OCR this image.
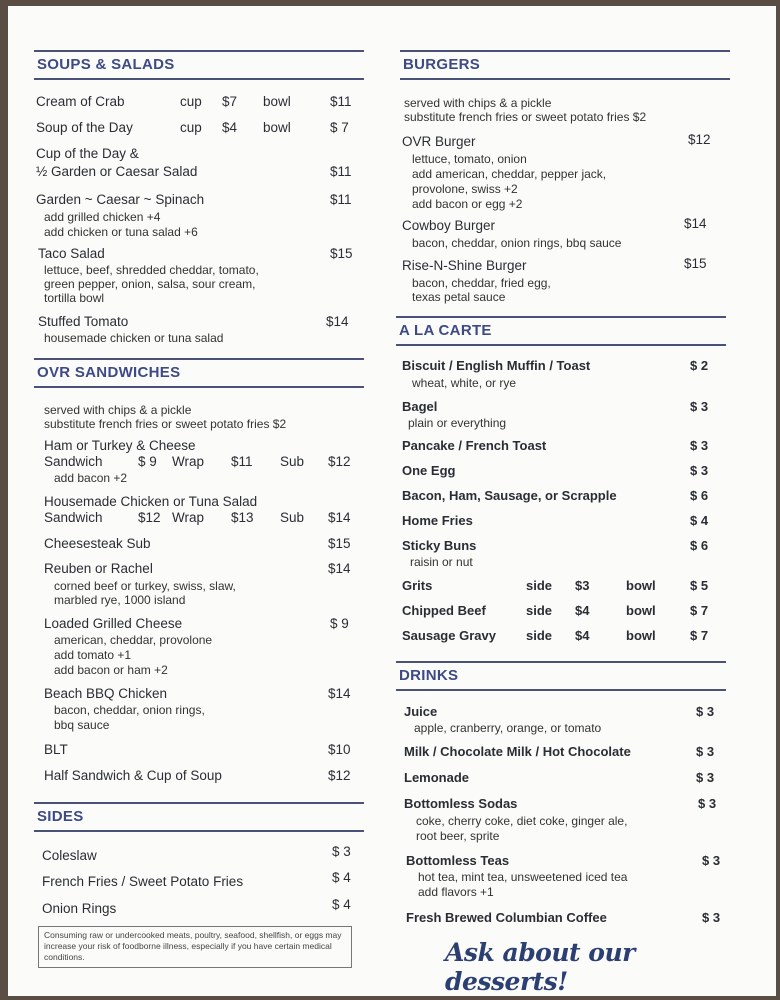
SOUPS & SALADS
Cream of Crab	cup $7 bowl	$11
Soup of the Day	cup $4 bowl	$ 7
Cup of the Day &
½ Garden or Caesar Salad	$11
Garden ~ Caesar ~ Spinach	$11
add grilled chicken +4
add chicken or tuna salad +6
Taco Salad	$15
lettuce, beef, shredded cheddar, tomato,
green pepper, onion, salsa, sour cream,
tortilla bowl
Stuffed Tomato	$14
housemade chicken or tuna salad
OVR SANDWICHES
served with chips & a pickle
substitute french fries or sweet potato fries $2
Ham or Turkey & Cheese
Sandwich	$ 9 Wrap $11 Sub $12
add bacon +2
Housemade Chicken or Tuna Salad
Sandwich	$12 Wrap $13 Sub $14
Cheesesteak Sub	$15
Reuben or Rachel	$14
corned beef or turkey, swiss, slaw,
marbled rye, 1000 island
Loaded Grilled Cheese	$ 9
american, cheddar, provolone
add tomato +1
add bacon or ham +2
Beach BBQ Chicken	$14
bacon, cheddar, onion rings,
bbq sauce
BLT	$10
Half Sandwich & Cup of Soup	$12
SIDES
Coleslaw	$ 3
French Fries / Sweet Potato Fries	$ 4
Onion Rings	$ 4
Consuming raw or undercooked meats, poultry, seafood, shellfish, or eggs may increase your risk of foodborne illness, especially if you have certain medical conditions.
BURGERS
served with chips & a pickle
substitute french fries or sweet potato fries $2
OVR Burger	$12
lettuce, tomato, onion
add american, cheddar, pepper jack,
provolone, swiss +2
add bacon or egg +2
Cowboy Burger	$14
bacon, cheddar, onion rings, bbq sauce
Rise-N-Shine Burger	$15
bacon, cheddar, fried egg,
texas petal sauce
A LA CARTE
Biscuit / English Muffin / Toast	$ 2
wheat, white, or rye
Bagel	$ 3
plain or everything
Pancake / French Toast	$ 3
One Egg	$ 3
Bacon, Ham, Sausage, or Scrapple	$ 6
Home Fries	$ 4
Sticky Buns	$ 6
raisin or nut
Grits	side $3	bowl	$ 5
Chipped Beef	side $4	bowl	$ 7
Sausage Gravy side $4	bowl	$ 7
DRINKS
Juice	$ 3
apple, cranberry, orange, or tomato
Milk / Chocolate Milk / Hot Chocolate	$ 3
Lemonade	$ 3
Bottomless Sodas	$ 3
coke, cherry coke, diet coke, ginger ale,
root beer, sprite
Bottomless Teas	$ 3
hot tea, mint tea, unsweetened iced tea
add flavors +1
Fresh Brewed Columbian Coffee	$ 3
Ask about our desserts!
